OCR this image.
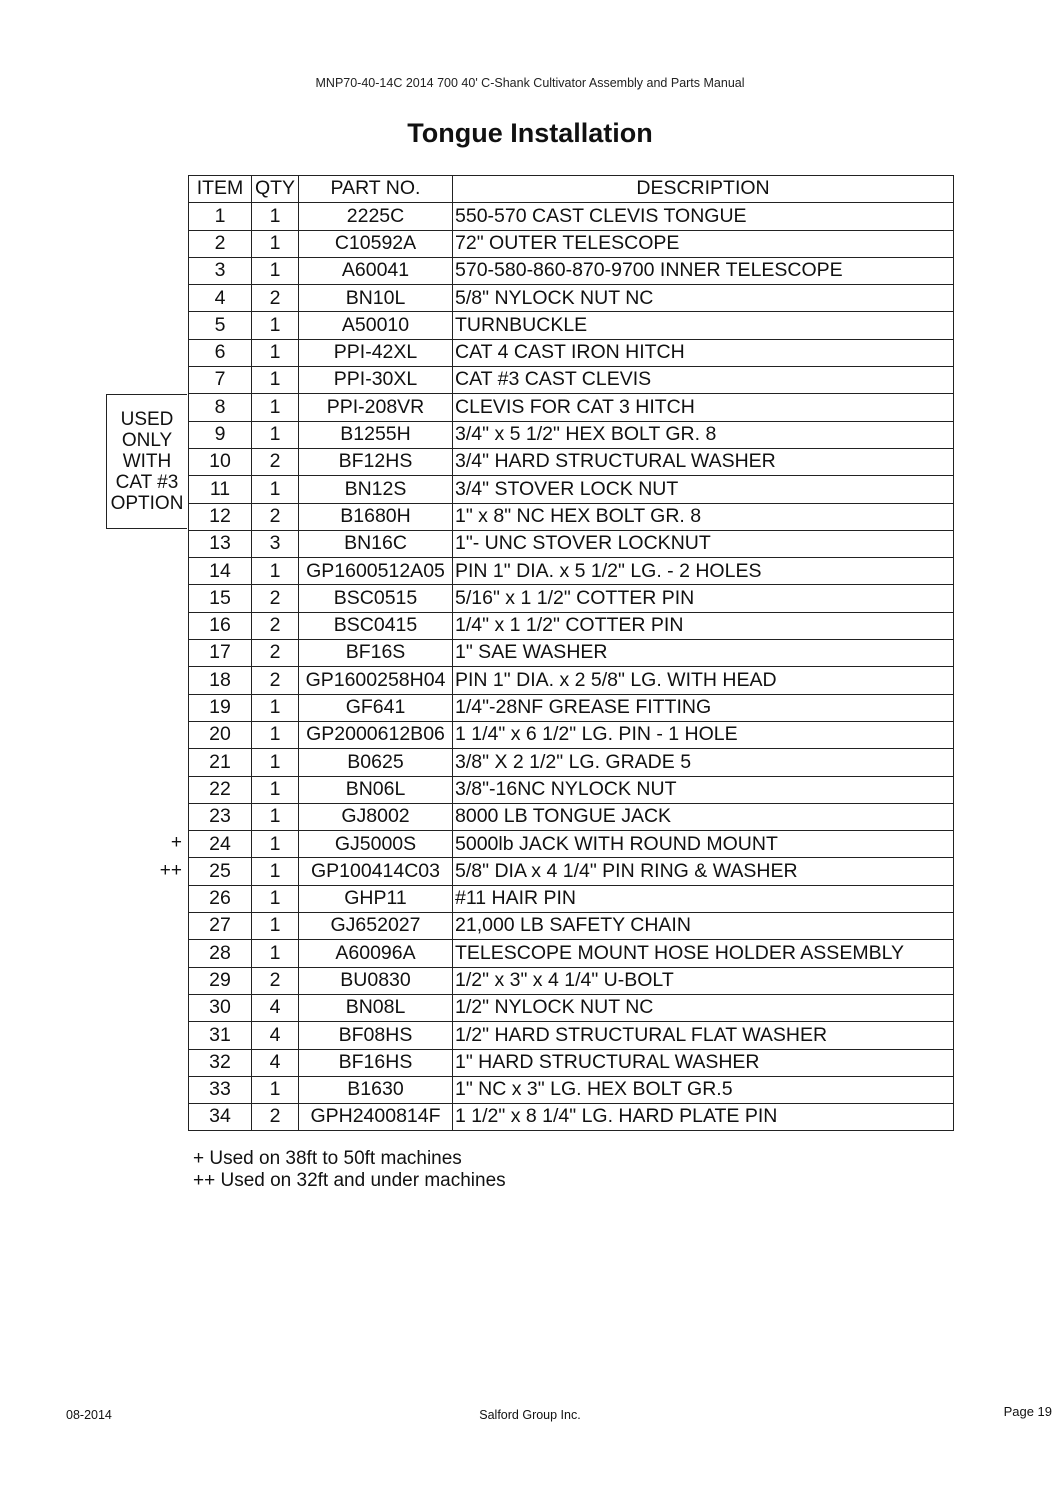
MNP70-40-14C 2014 700 40' C-Shank Cultivator Assembly and Parts Manual
Tongue Installation
ITEM	QTY	PART NO.	DESCRIPTION
1	1	2225C	550-570 CAST CLEVIS TONGUE
2	1	C10592A	72" OUTER TELESCOPE
3	1	A60041	570-580-860-870-9700 INNER TELESCOPE
4	2	BN10L	5/8" NYLOCK NUT NC
5	1	A50010	TURNBUCKLE
6	1	PPI-42XL	CAT 4 CAST IRON HITCH
7	1	PPI-30XL	CAT #3 CAST CLEVIS
8	1	PPI-208VR	CLEVIS FOR CAT 3 HITCH
9	1	B1255H	3/4" x 5 1/2" HEX BOLT GR. 8
10	2	BF12HS	3/4" HARD STRUCTURAL WASHER
11	1	BN12S	3/4" STOVER LOCK NUT
12	2	B1680H	1" x 8" NC HEX BOLT GR. 8
13	3	BN16C	1"- UNC STOVER LOCKNUT
14	1	GP1600512A05	PIN 1" DIA. x 5 1/2" LG. - 2 HOLES
15	2	BSC0515	5/16" x 1 1/2" COTTER PIN
16	2	BSC0415	1/4" x 1 1/2" COTTER PIN
17	2	BF16S	1" SAE WASHER
18	2	GP1600258H04	PIN 1" DIA. x 2 5/8" LG. WITH HEAD
19	1	GF641	1/4"-28NF GREASE FITTING
20	1	GP2000612B06	1 1/4" x 6 1/2" LG. PIN - 1 HOLE
21	1	B0625	3/8" X 2 1/2" LG. GRADE 5
22	1	BN06L	3/8"-16NC NYLOCK NUT
23	1	GJ8002	8000 LB TONGUE JACK
24	1	GJ5000S	5000lb JACK WITH ROUND MOUNT
25	1	GP100414C03	5/8" DIA x 4 1/4" PIN RING & WASHER
26	1	GHP11	#11 HAIR PIN
27	1	GJ652027	21,000 LB SAFETY CHAIN
28	1	A60096A	TELESCOPE MOUNT HOSE HOLDER ASSEMBLY
29	2	BU0830	1/2" x 3" x 4 1/4" U-BOLT
30	4	BN08L	1/2" NYLOCK NUT NC
31	4	BF08HS	1/2" HARD STRUCTURAL FLAT WASHER
32	4	BF16HS	1" HARD STRUCTURAL WASHER
33	1	B1630	1" NC x 3" LG. HEX BOLT GR.5
34	2	GPH2400814F	1 1/2" x 8 1/4" LG. HARD PLATE PIN
USED
ONLY
WITH
CAT #3
OPTION
+
++
+ Used on 38ft to 50ft machines
++ Used on 32ft and under machines
08-2014	Salford Group Inc.	Page 19
